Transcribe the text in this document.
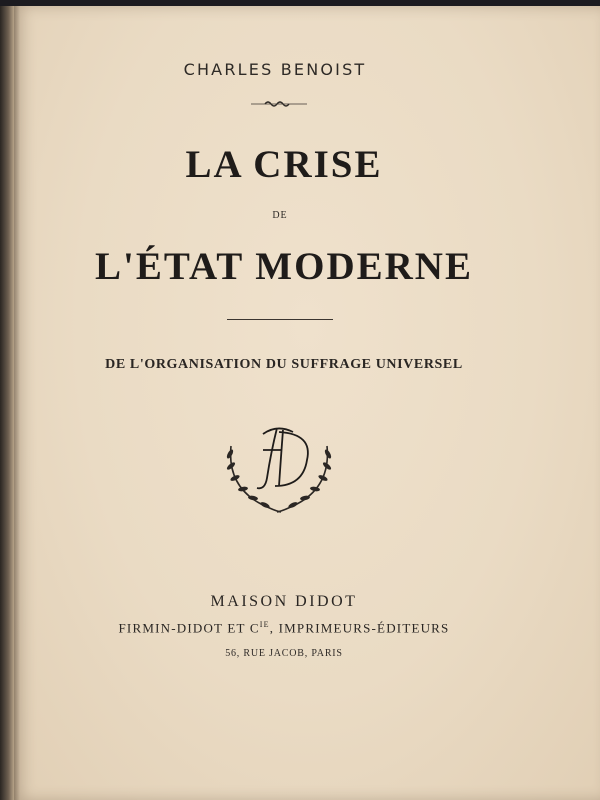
CHARLES BENOIST
LA CRISE
DE
L'ÉTAT MODERNE
DE L'ORGANISATION DU SUFFRAGE UNIVERSEL
MAISON DIDOT
FIRMIN-DIDOT ET $C^{IE}$, IMPRIMEURS-ÉDITEURS
56, RUE JACOB, PARIS
